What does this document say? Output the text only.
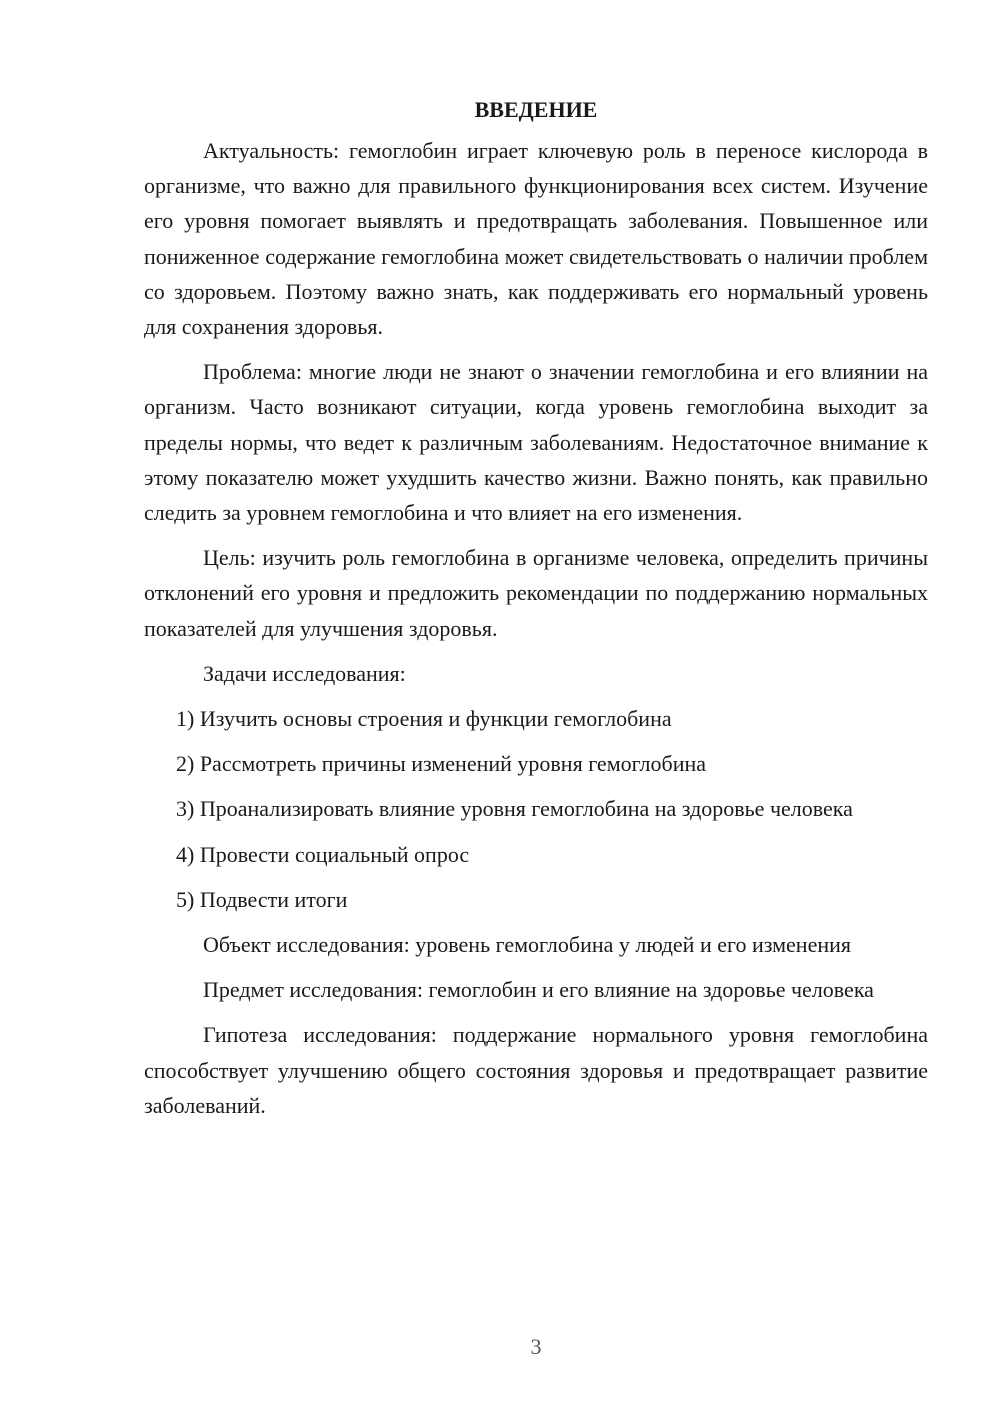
ВВЕДЕНИЕ

Актуальность: гемоглобин играет ключевую роль в переносе кислорода в организме, что важно для правильного функционирования всех систем. Изучение его уровня помогает выявлять и предотвращать заболевания. Повышенное или пониженное содержание гемоглобина может свидетельствовать о наличии проблем со здоровьем. Поэтому важно знать, как поддерживать его нормальный уровень для сохранения здоровья.

Проблема: многие люди не знают о значении гемоглобина и его влиянии на организм. Часто возникают ситуации, когда уровень гемоглобина выходит за пределы нормы, что ведет к различным заболеваниям. Недостаточное внимание к этому показателю может ухудшить качество жизни. Важно понять, как правильно следить за уровнем гемоглобина и что влияет на его изменения.

Цель: изучить роль гемоглобина в организме человека, определить причины отклонений его уровня и предложить рекомендации по поддержанию нормальных показателей для улучшения здоровья.

Задачи исследования:

1) Изучить основы строения и функции гемоглобина

2) Рассмотреть причины изменений уровня гемоглобина

3) Проанализировать влияние уровня гемоглобина на здоровье человека

4) Провести социальный опрос

5) Подвести итоги

Объект исследования: уровень гемоглобина у людей и его изменения

Предмет исследования: гемоглобин и его влияние на здоровье человека

Гипотеза исследования: поддержание нормального уровня гемоглобина способствует улучшению общего состояния здоровья и предотвращает развитие заболеваний.

3
